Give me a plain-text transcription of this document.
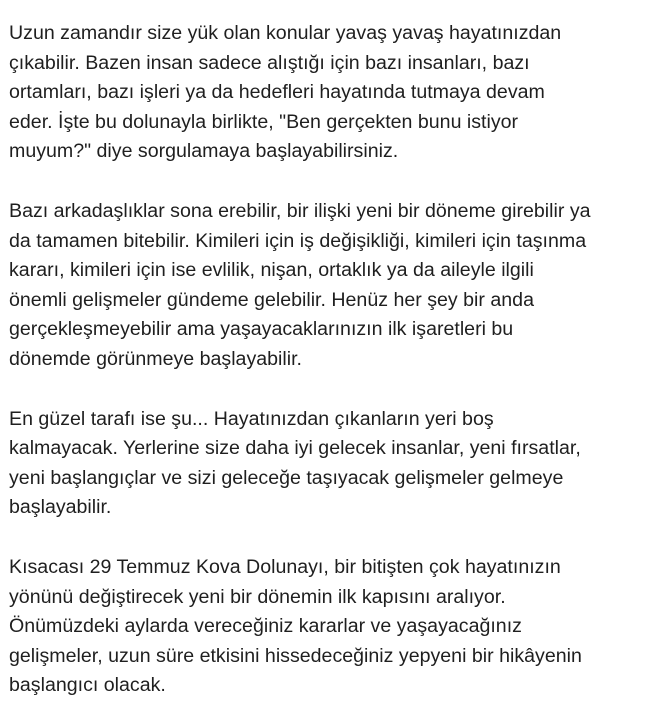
Uzun zamandır size yük olan konular yavaş yavaş hayatınızdan
çıkabilir. Bazen insan sadece alıştığı için bazı insanları, bazı
ortamları, bazı işleri ya da hedefleri hayatında tutmaya devam
eder. İşte bu dolunayla birlikte, "Ben gerçekten bunu istiyor
muyum?" diye sorgulamaya başlayabilirsiniz.

Bazı arkadaşlıklar sona erebilir, bir ilişki yeni bir döneme girebilir ya
da tamamen bitebilir. Kimileri için iş değişikliği, kimileri için taşınma
kararı, kimileri için ise evlilik, nişan, ortaklık ya da aileyle ilgili
önemli gelişmeler gündeme gelebilir. Henüz her şey bir anda
gerçekleşmeyebilir ama yaşayacaklarınızın ilk işaretleri bu
dönemde görünmeye başlayabilir.

En güzel tarafı ise şu... Hayatınızdan çıkanların yeri boş
kalmayacak. Yerlerine size daha iyi gelecek insanlar, yeni fırsatlar,
yeni başlangıçlar ve sizi geleceğe taşıyacak gelişmeler gelmeye
başlayabilir.

Kısacası 29 Temmuz Kova Dolunayı, bir bitişten çok hayatınızın
yönünü değiştirecek yeni bir dönemin ilk kapısını aralıyor.
Önümüzdeki aylarda vereceğiniz kararlar ve yaşayacağınız
gelişmeler, uzun süre etkisini hissedeceğiniz yepyeni bir hikâyenin
başlangıcı olacak.
